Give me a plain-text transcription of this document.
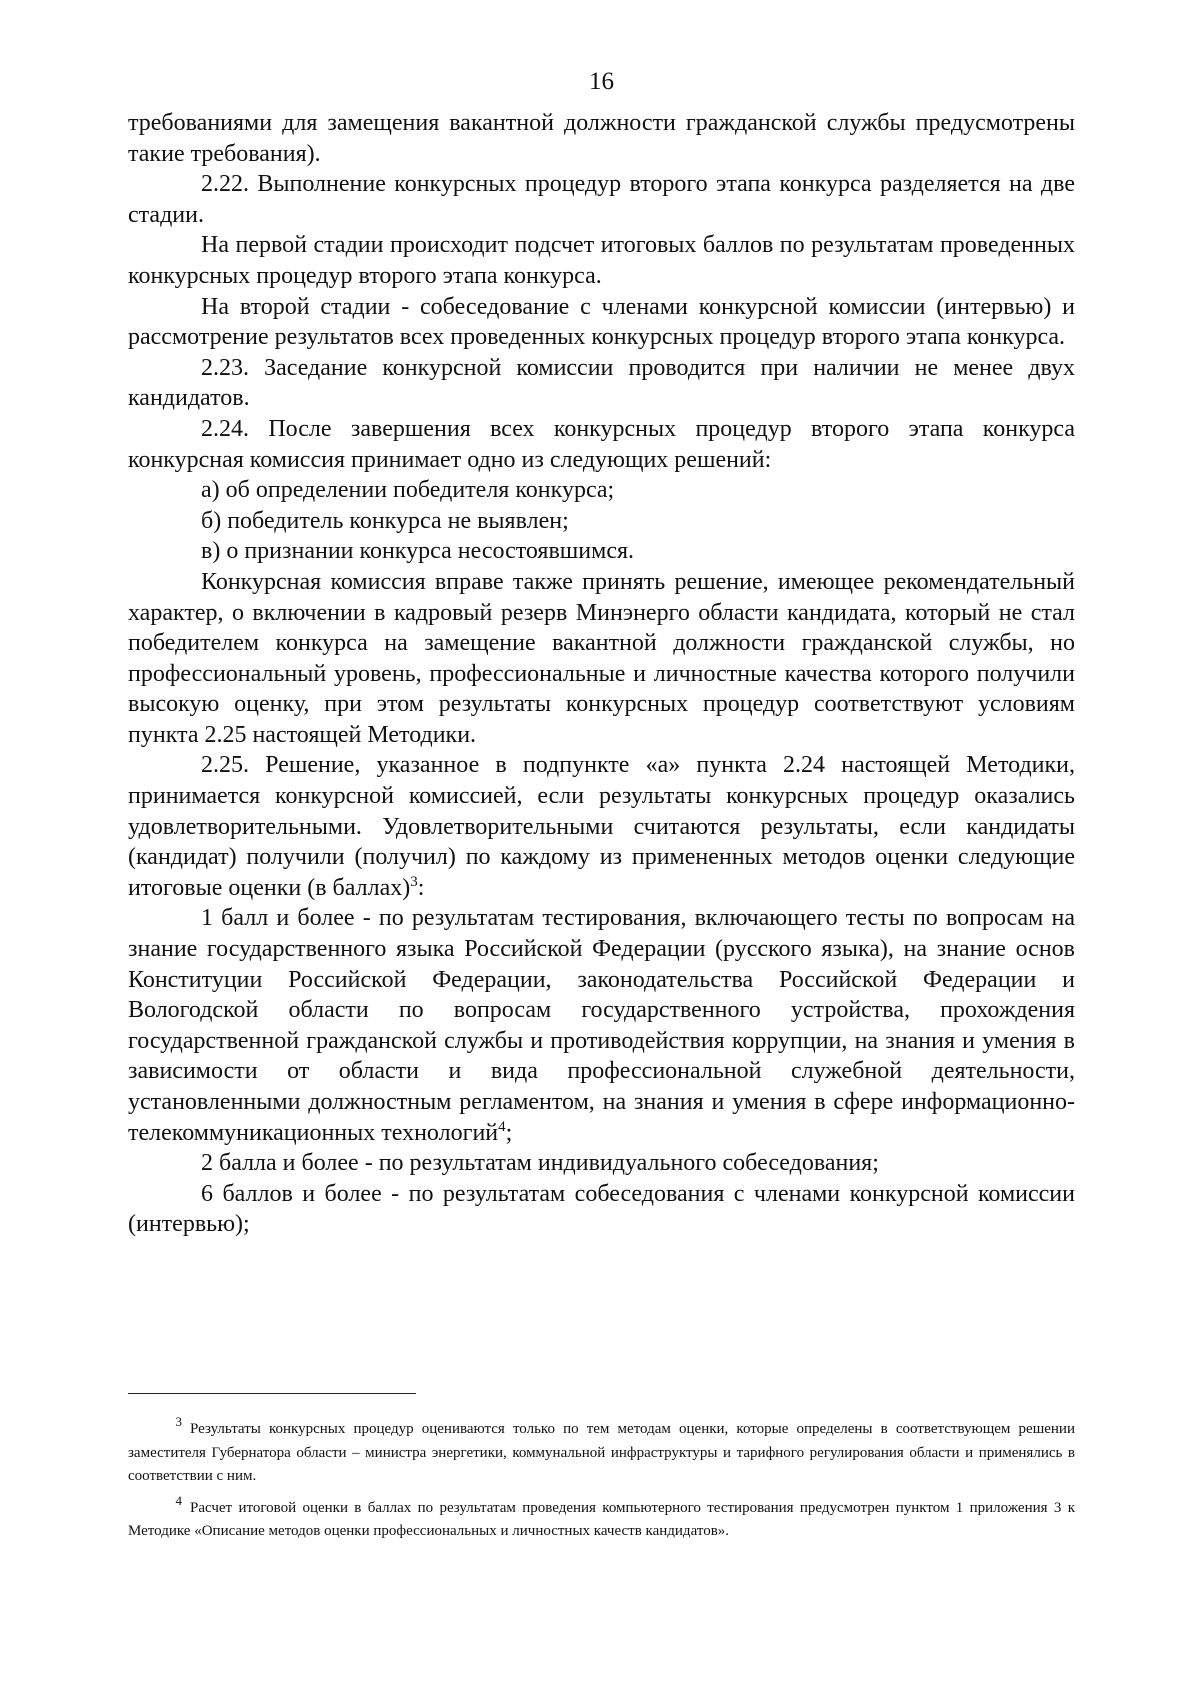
16

требованиями для замещения вакантной должности гражданской службы предусмотрены такие требования).

2.22. Выполнение конкурсных процедур второго этапа конкурса разделяется на две стадии.

На первой стадии происходит подсчет итоговых баллов по результатам проведенных конкурсных процедур второго этапа конкурса.

На второй стадии - собеседование с членами конкурсной комиссии (интервью) и рассмотрение результатов всех проведенных конкурсных процедур второго этапа конкурса.

2.23. Заседание конкурсной комиссии проводится при наличии не менее двух кандидатов.

2.24. После завершения всех конкурсных процедур второго этапа конкурса конкурсная комиссия принимает одно из следующих решений:

а) об определении победителя конкурса;

б) победитель конкурса не выявлен;

в) о признании конкурса несостоявшимся.

Конкурсная комиссия вправе также принять решение, имеющее рекомендательный характер, о включении в кадровый резерв Минэнерго области кандидата, который не стал победителем конкурса на замещение вакантной должности гражданской службы, но профессиональный уровень, профессиональные и личностные качества которого получили высокую оценку, при этом результаты конкурсных процедур соответствуют условиям пункта 2.25 настоящей Методики.

2.25. Решение, указанное в подпункте «а» пункта 2.24 настоящей Методики, принимается конкурсной комиссией, если результаты конкурсных процедур оказались удовлетворительными. Удовлетворительными считаются результаты, если кандидаты (кандидат) получили (получил) по каждому из примененных методов оценки следующие итоговые оценки (в баллах)$^3$:

1 балл и более - по результатам тестирования, включающего тесты по вопросам на знание государственного языка Российской Федерации (русского языка), на знание основ Конституции Российской Федерации, законодательства Российской Федерации и Вологодской области по вопросам государственного устройства, прохождения государственной гражданской службы и противодействия коррупции, на знания и умения в зависимости от области и вида профессиональной служебной деятельности, установленными должностным регламентом, на знания и умения в сфере информационно-телекоммуникационных технологий$^4$;

2 балла и более - по результатам индивидуального собеседования;

6 баллов и более - по результатам собеседования с членами конкурсной комиссии (интервью);

3 Результаты конкурсных процедур оцениваются только по тем методам оценки, которые определены в соответствующем решении заместителя Губернатора области – министра энергетики, коммунальной инфраструктуры и тарифного регулирования области и применялись в соответствии с ним.

4 Расчет итоговой оценки в баллах по результатам проведения компьютерного тестирования предусмотрен пунктом 1 приложения 3 к Методике «Описание методов оценки профессиональных и личностных качеств кандидатов».
